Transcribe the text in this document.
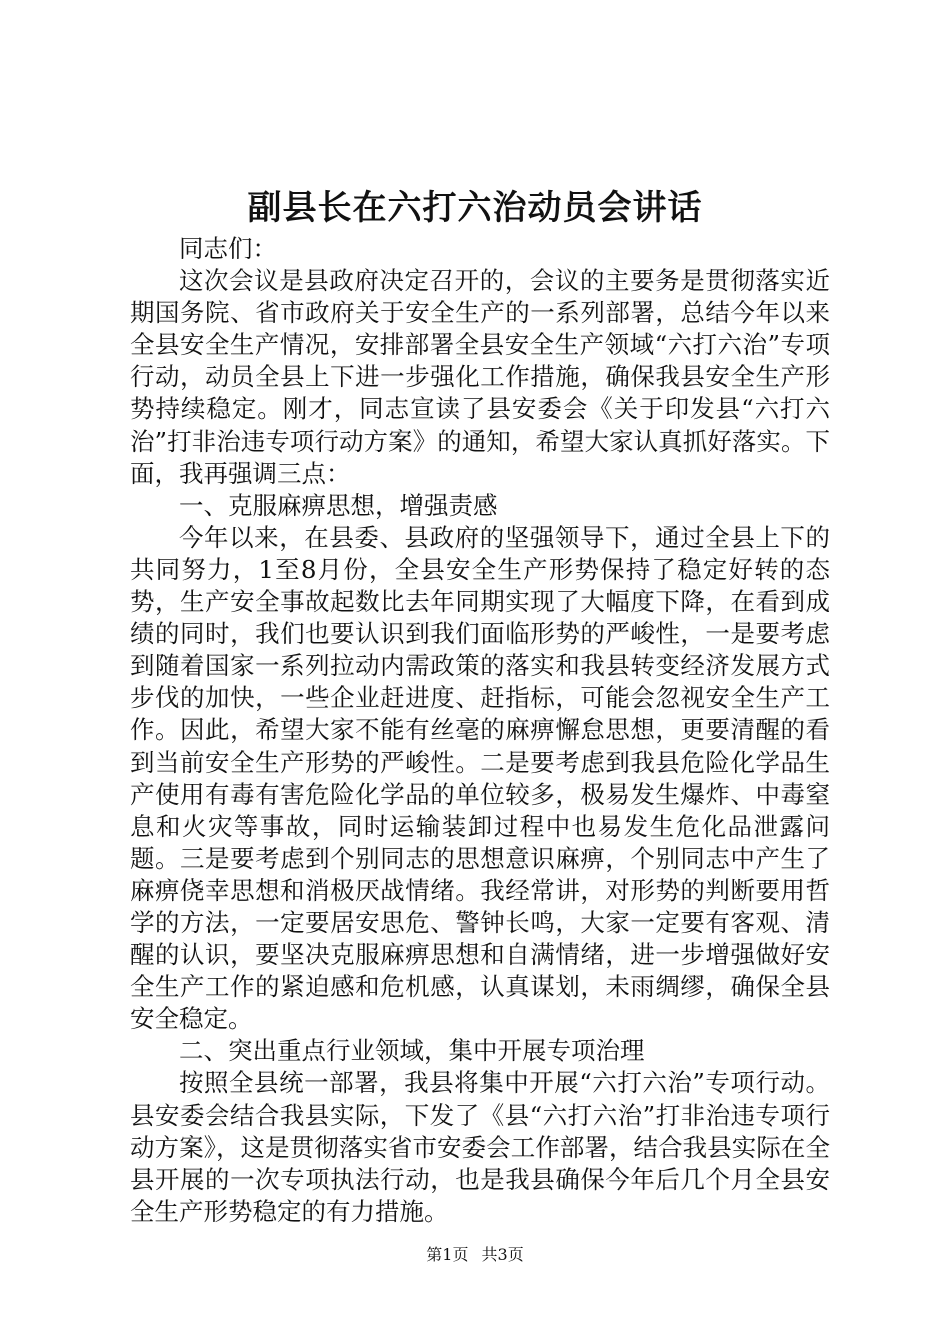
副县长在六打六治动员会讲话

同志们：

这次会议是县政府决定召开的，会议的主要务是贯彻落实近期国务院、省市政府关于安全生产的一系列部署，总结今年以来全县安全生产情况，安排部署全县安全生产领域“六打六治”专项行动，动员全县上下进一步强化工作措施，确保我县安全生产形势持续稳定。刚才，同志宣读了县安委会《关于印发县“六打六治”打非治违专项行动方案》的通知，希望大家认真抓好落实。下面，我再强调三点：

一、克服麻痹思想，增强责感

今年以来，在县委、县政府的坚强领导下，通过全县上下的共同努力，1至8月份，全县安全生产形势保持了稳定好转的态势，生产安全事故起数比去年同期实现了大幅度下降，在看到成绩的同时，我们也要认识到我们面临形势的严峻性，一是要考虑到随着国家一系列拉动内需政策的落实和我县转变经济发展方式步伐的加快，一些企业赶进度、赶指标，可能会忽视安全生产工作。因此，希望大家不能有丝毫的麻痹懈怠思想，更要清醒的看到当前安全生产形势的严峻性。二是要考虑到我县危险化学品生产使用有毒有害危险化学品的单位较多，极易发生爆炸、中毒窒息和火灾等事故，同时运输装卸过程中也易发生危化品泄露问题。三是要考虑到个别同志的思想意识麻痹，个别同志中产生了麻痹侥幸思想和消极厌战情绪。我经常讲，对形势的判断要用哲学的方法，一定要居安思危、警钟长鸣，大家一定要有客观、清醒的认识，要坚决克服麻痹思想和自满情绪，进一步增强做好安全生产工作的紧迫感和危机感，认真谋划，未雨绸缪，确保全县安全稳定。

二、突出重点行业领域，集中开展专项治理

按照全县统一部署，我县将集中开展“六打六治”专项行动。县安委会结合我县实际，下发了《县“六打六治”打非治违专项行动方案》，这是贯彻落实省市安委会工作部署，结合我县实际在全县开展的一次专项执法行动，也是我县确保今年后几个月全县安全生产形势稳定的有力措施。

第1页 共3页
